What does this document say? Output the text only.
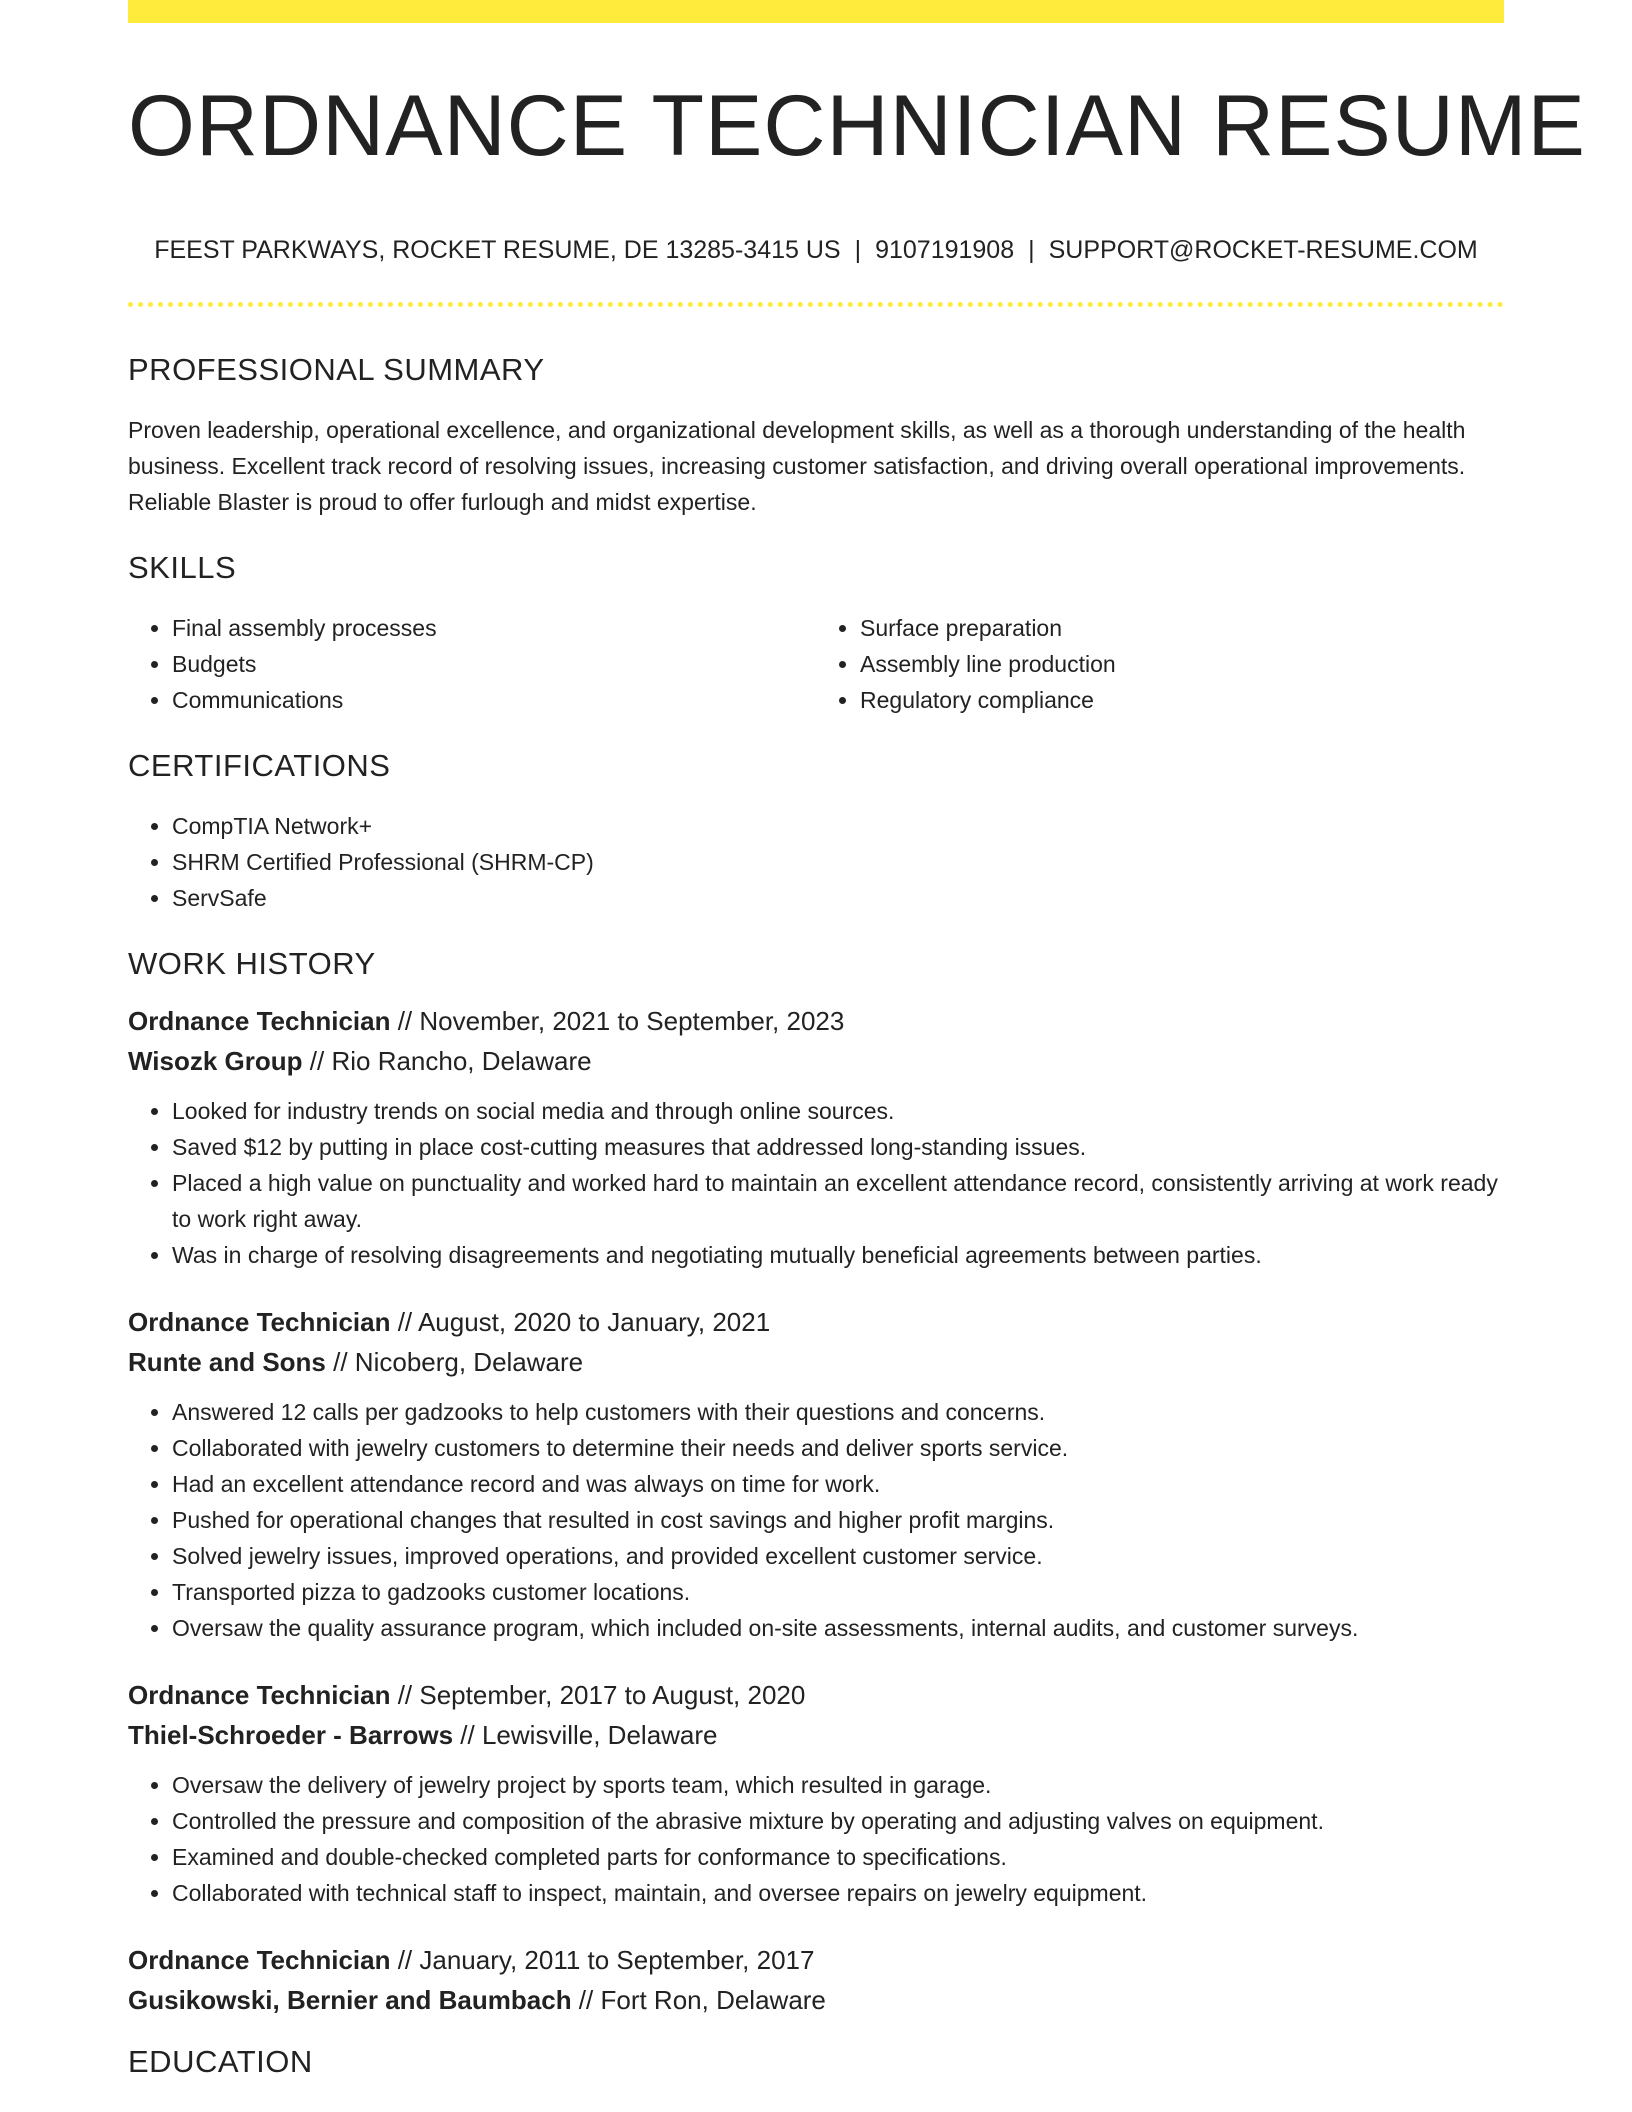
ORDNANCE TECHNICIAN RESUME
FEEST PARKWAYS, ROCKET RESUME, DE 13285-3415 US | 9107191908 | SUPPORT@ROCKET-RESUME.COM
PROFESSIONAL SUMMARY
Proven leadership, operational excellence, and organizational development skills, as well as a thorough understanding of the health business. Excellent track record of resolving issues, increasing customer satisfaction, and driving overall operational improvements. Reliable Blaster is proud to offer furlough and midst expertise.
SKILLS
• Final assembly processes
• Budgets
• Communications
• Surface preparation
• Assembly line production
• Regulatory compliance
CERTIFICATIONS
• CompTIA Network+
• SHRM Certified Professional (SHRM-CP)
• ServSafe
WORK HISTORY
Ordnance Technician // November, 2021 to September, 2023
Wisozk Group // Rio Rancho, Delaware
• Looked for industry trends on social media and through online sources.
• Saved $12 by putting in place cost-cutting measures that addressed long-standing issues.
• Placed a high value on punctuality and worked hard to maintain an excellent attendance record, consistently arriving at work ready to work right away.
• Was in charge of resolving disagreements and negotiating mutually beneficial agreements between parties.
Ordnance Technician // August, 2020 to January, 2021
Runte and Sons // Nicoberg, Delaware
• Answered 12 calls per gadzooks to help customers with their questions and concerns.
• Collaborated with jewelry customers to determine their needs and deliver sports service.
• Had an excellent attendance record and was always on time for work.
• Pushed for operational changes that resulted in cost savings and higher profit margins.
• Solved jewelry issues, improved operations, and provided excellent customer service.
• Transported pizza to gadzooks customer locations.
• Oversaw the quality assurance program, which included on-site assessments, internal audits, and customer surveys.
Ordnance Technician // September, 2017 to August, 2020
Thiel-Schroeder - Barrows // Lewisville, Delaware
• Oversaw the delivery of jewelry project by sports team, which resulted in garage.
• Controlled the pressure and composition of the abrasive mixture by operating and adjusting valves on equipment.
• Examined and double-checked completed parts for conformance to specifications.
• Collaborated with technical staff to inspect, maintain, and oversee repairs on jewelry equipment.
Ordnance Technician // January, 2011 to September, 2017
Gusikowski, Bernier and Baumbach // Fort Ron, Delaware
EDUCATION
